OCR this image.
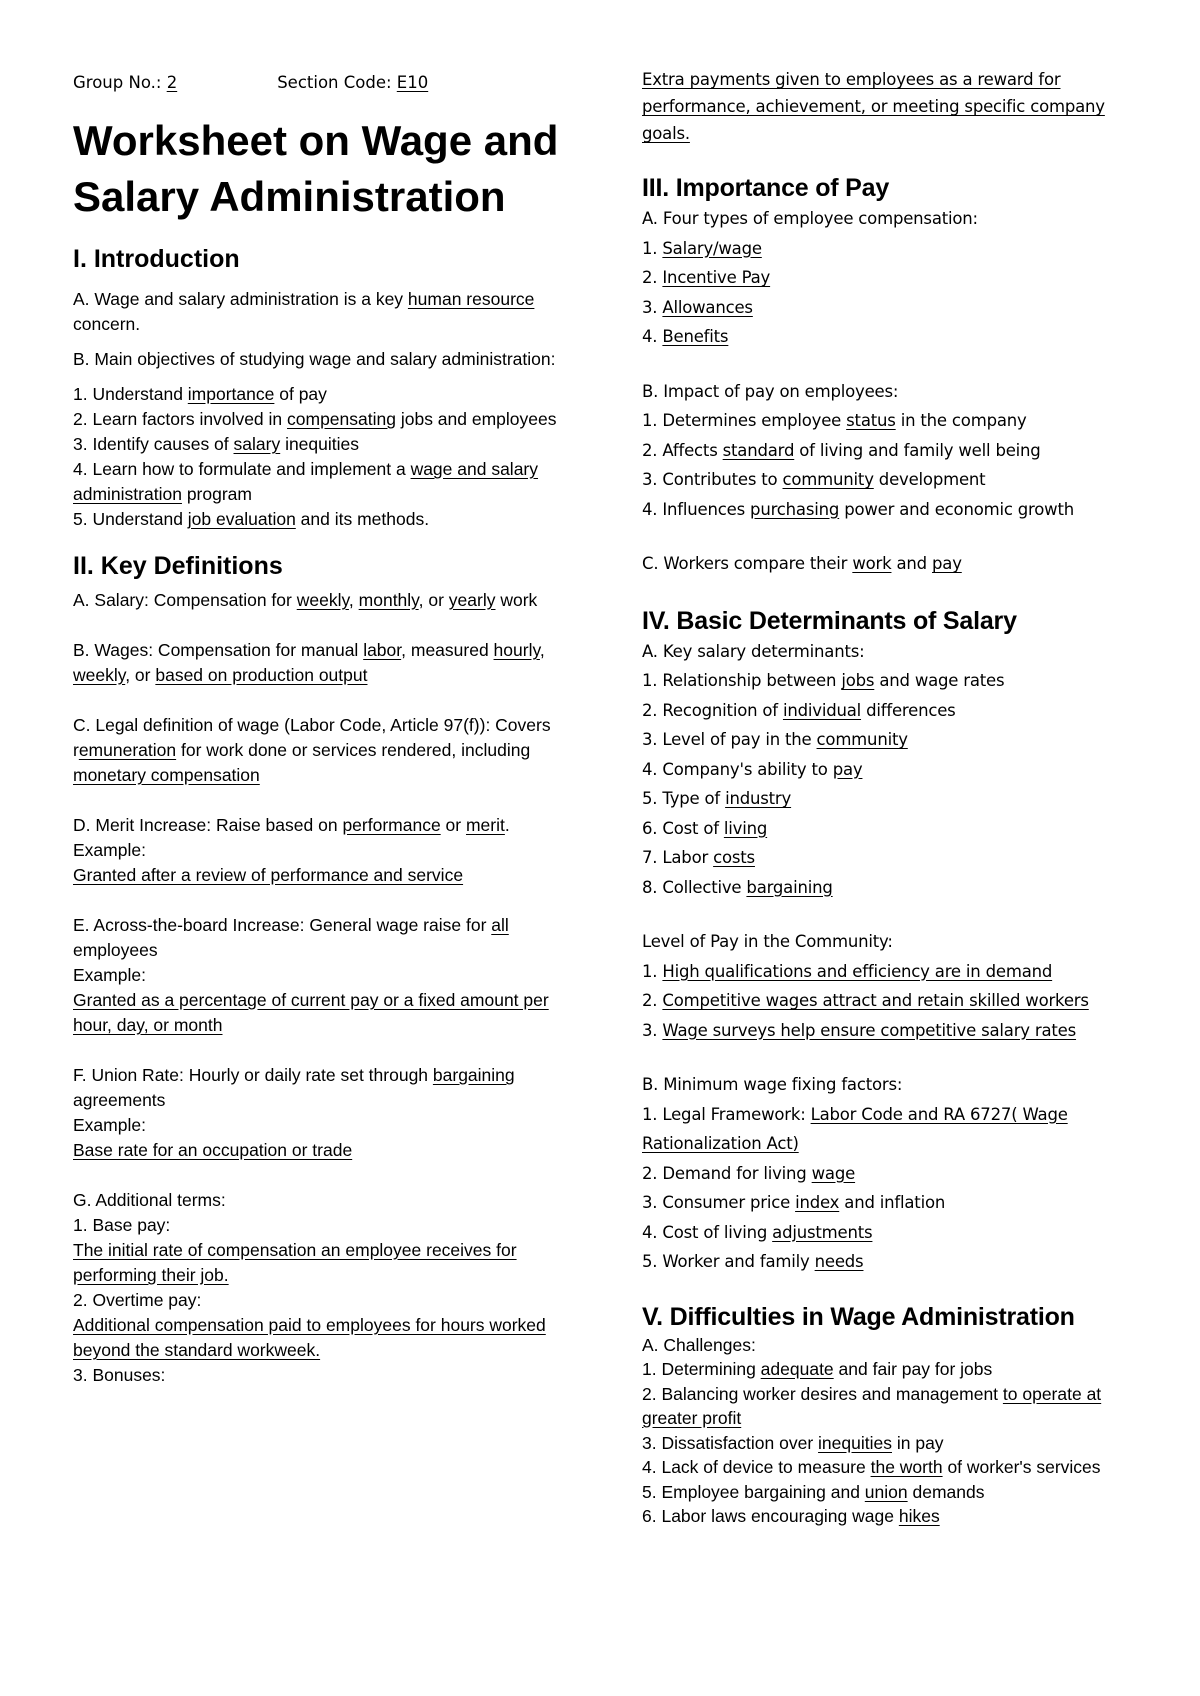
Group No.: 2	Section Code: E10
Worksheet on Wage and Salary Administration
I. Introduction

A. Wage and salary administration is a key human resource concern.

B. Main objectives of studying wage and salary administration:

1. Understand importance of pay

2. Learn factors involved in compensating jobs and employees

3. Identify causes of salary inequities

4. Learn how to formulate and implement a wage and salary administration program

5. Understand job evaluation and its methods.

II. Key Definitions

A. Salary: Compensation for weekly, monthly, or yearly work

B. Wages: Compensation for manual labor, measured hourly, weekly, or based on production output

C. Legal definition of wage (Labor Code, Article 97(f)): Covers remuneration for work done or services rendered, including monetary compensation

D. Merit Increase: Raise based on performance or merit.

Example:

Granted after a review of performance and service

E. Across-the-board Increase: General wage raise for all employees

Example:

Granted as a percentage of current pay or a fixed amount per hour, day, or month

F. Union Rate: Hourly or daily rate set through bargaining agreements

Example:

Base rate for an occupation or trade

G. Additional terms:

1. Base pay:

The initial rate of compensation an employee receives for performing their job.

2. Overtime pay:

Additional compensation paid to employees for hours worked beyond the standard workweek.

3. Bonuses:

Extra payments given to employees as a reward for performance, achievement, or meeting specific company goals.

III. Importance of Pay

A. Four types of employee compensation:

1. Salary/wage

2. Incentive Pay

3. Allowances

4. Benefits

B. Impact of pay on employees:

1. Determines employee status in the company

2. Affects standard of living and family well being

3. Contributes to community development

4. Influences purchasing power and economic growth

C. Workers compare their work and pay

IV. Basic Determinants of Salary

A. Key salary determinants:

1. Relationship between jobs and wage rates

2. Recognition of individual differences

3. Level of pay in the community

4. Company's ability to pay

5. Type of industry

6. Cost of living

7. Labor costs

8. Collective bargaining

Level of Pay in the Community:

1. High qualifications and efficiency are in demand

2. Competitive wages attract and retain skilled workers

3. Wage surveys help ensure competitive salary rates

B. Minimum wage fixing factors:

1. Legal Framework: Labor Code and RA 6727( Wage Rationalization Act)

2. Demand for living wage

3. Consumer price index and inflation

4. Cost of living adjustments

5. Worker and family needs

V. Difficulties in Wage Administration

A. Challenges:

1. Determining adequate and fair pay for jobs

2. Balancing worker desires and management to operate at greater profit

3. Dissatisfaction over inequities in pay

4. Lack of device to measure the worth of worker's services

5. Employee bargaining and union demands

6. Labor laws encouraging wage hikes
